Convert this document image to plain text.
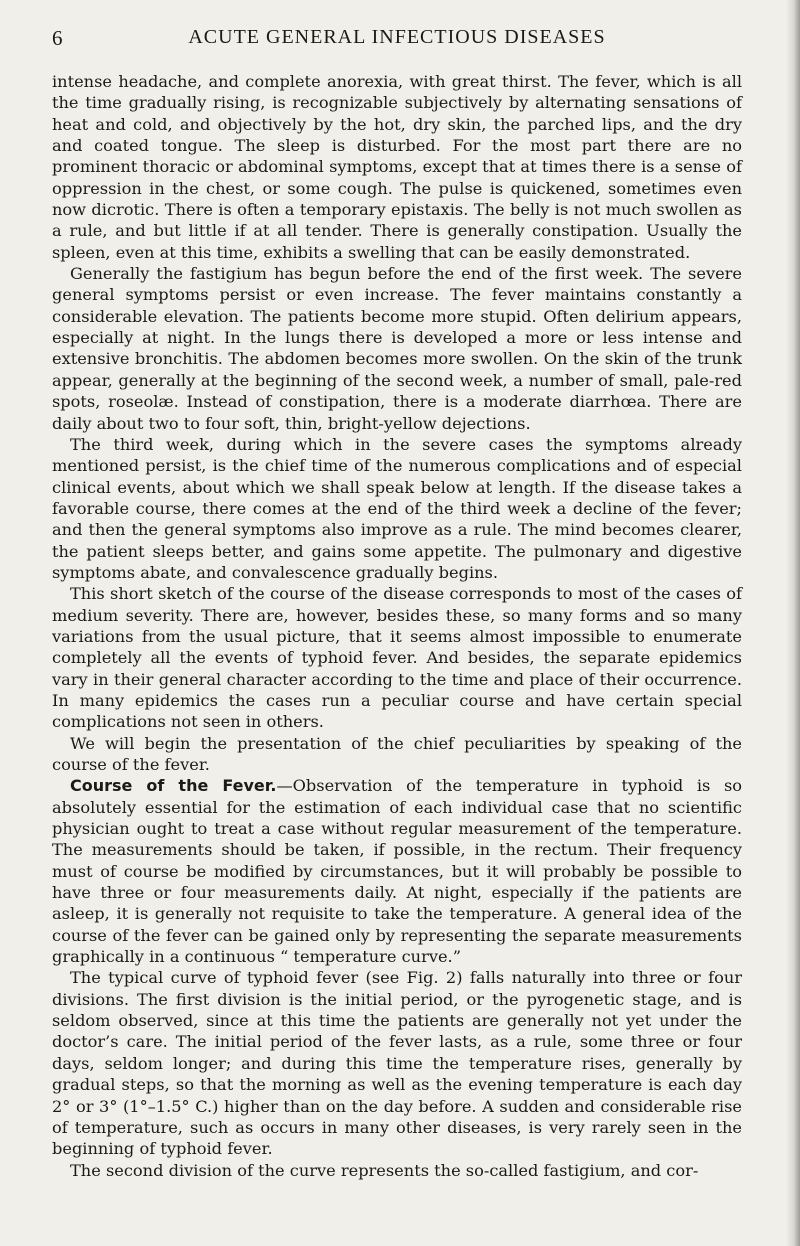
6	ACUTE GENERAL INFECTIOUS DISEASES

intense headache, and complete anorexia, with great thirst. The fever, which is all the time gradually rising, is recognizable subjectively by alternating sensations of heat and cold, and objectively by the hot, dry skin, the parched lips, and the dry and coated tongue. The sleep is disturbed. For the most part there are no prominent thoracic or abdominal symptoms, except that at times there is a sense of oppression in the chest, or some cough. The pulse is quickened, sometimes even now dicrotic. There is often a temporary epistaxis. The belly is not much swollen as a rule, and but little if at all tender. There is generally constipation. Usually the spleen, even at this time, exhibits a swelling that can be easily demonstrated.

Generally the fastigium has begun before the end of the first week. The severe general symptoms persist or even increase. The fever maintains constantly a considerable elevation. The patients become more stupid. Often delirium appears, especially at night. In the lungs there is developed a more or less intense and extensive bronchitis. The abdomen becomes more swollen. On the skin of the trunk appear, generally at the beginning of the second week, a number of small, pale-red spots, roseolæ. Instead of constipation, there is a moderate diarrhœa. There are daily about two to four soft, thin, bright-yellow dejections.

The third week, during which in the severe cases the symptoms already mentioned persist, is the chief time of the numerous complications and of especial clinical events, about which we shall speak below at length. If the disease takes a favorable course, there comes at the end of the third week a decline of the fever; and then the general symptoms also improve as a rule. The mind becomes clearer, the patient sleeps better, and gains some appetite. The pulmonary and digestive symptoms abate, and convalescence gradually begins.

This short sketch of the course of the disease corresponds to most of the cases of medium severity. There are, however, besides these, so many forms and so many variations from the usual picture, that it seems almost impossible to enumerate completely all the events of typhoid fever. And besides, the separate epidemics vary in their general character according to the time and place of their occurrence. In many epidemics the cases run a peculiar course and have certain special complications not seen in others.

We will begin the presentation of the chief peculiarities by speaking of the course of the fever.

Course of the Fever.—Observation of the temperature in typhoid is so absolutely essential for the estimation of each individual case that no scientific physician ought to treat a case without regular measurement of the temperature. The measurements should be taken, if possible, in the rectum. Their frequency must of course be modified by circumstances, but it will probably be possible to have three or four measurements daily. At night, especially if the patients are asleep, it is generally not requisite to take the temperature. A general idea of the course of the fever can be gained only by representing the separate measurements graphically in a continuous “ temperature curve.”

The typical curve of typhoid fever (see Fig. 2) falls naturally into three or four divisions. The first division is the initial period, or the pyrogenetic stage, and is seldom observed, since at this time the patients are generally not yet under the doctor’s care. The initial period of the fever lasts, as a rule, some three or four days, seldom longer; and during this time the temperature rises, generally by gradual steps, so that the morning as well as the evening temperature is each day 2° or 3° (1°–1.5° C.) higher than on the day before. A sudden and considerable rise of temperature, such as occurs in many other diseases, is very rarely seen in the beginning of typhoid fever.

The second division of the curve represents the so-called fastigium, and cor-
